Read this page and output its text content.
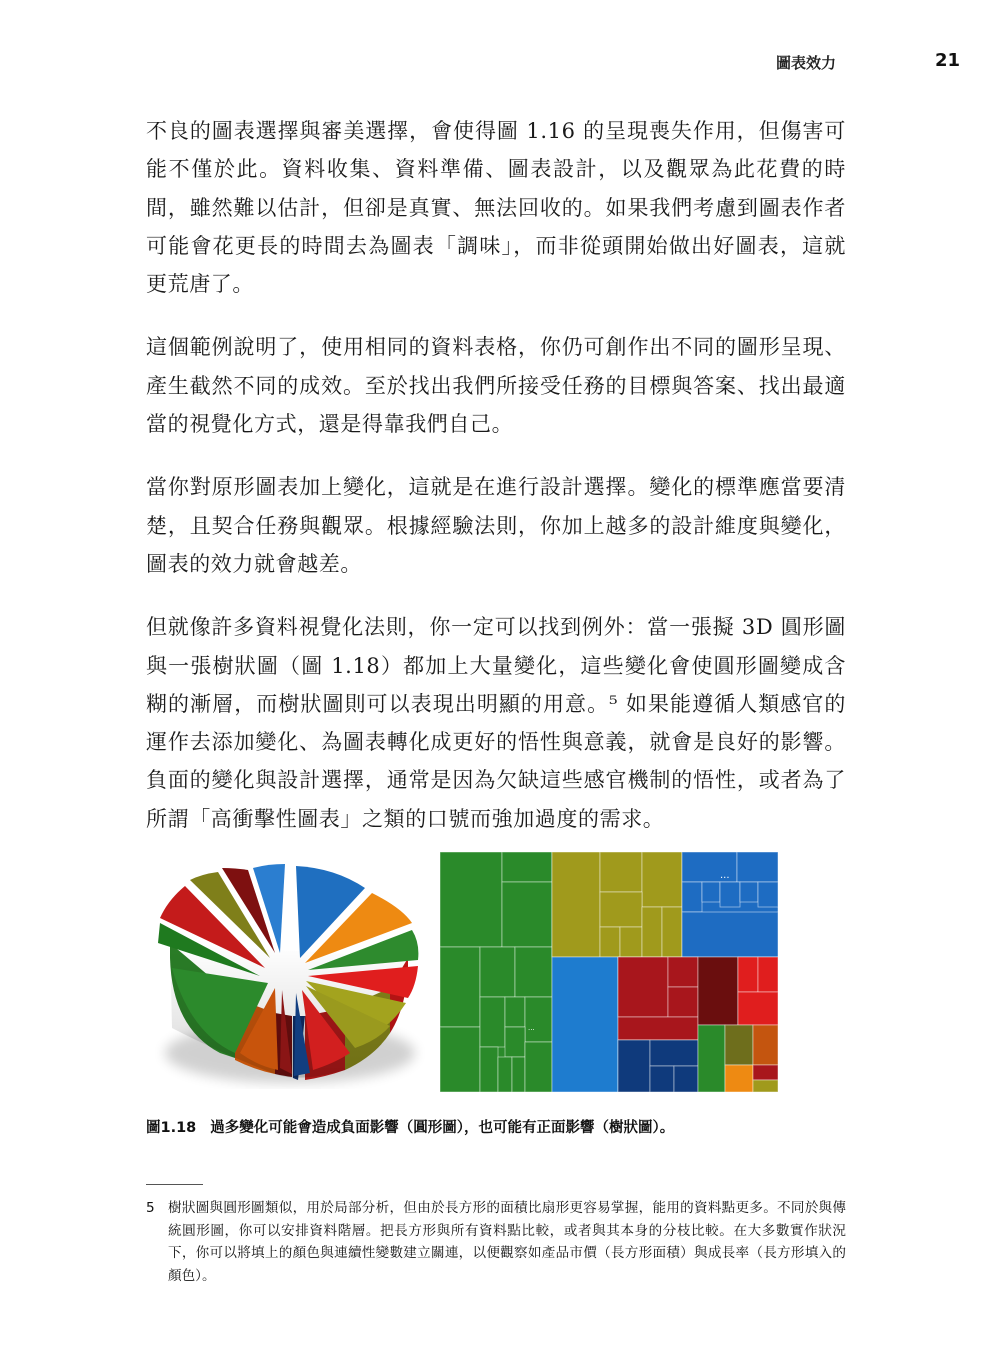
圖表效力	21

不良的圖表選擇與審美選擇，會使得圖 1.16 的呈現喪失作用，但傷害可能不僅於此。資料收集、資料準備、圖表設計，以及觀眾為此花費的時間，雖然難以估計，但卻是真實、無法回收的。如果我們考慮到圖表作者可能會花更長的時間去為圖表「調味」，而非從頭開始做出好圖表，這就更荒唐了。

這個範例說明了，使用相同的資料表格，你仍可創作出不同的圖形呈現、產生截然不同的成效。至於找出我們所接受任務的目標與答案、找出最適當的視覺化方式，還是得靠我們自己。

當你對原形圖表加上變化，這就是在進行設計選擇。變化的標準應當要清楚，且契合任務與觀眾。根據經驗法則，你加上越多的設計維度與變化，圖表的效力就會越差。

但就像許多資料視覺化法則，你一定可以找到例外：當一張擬 3D 圓形圖與一張樹狀圖（圖 1.18）都加上大量變化，這些變化會使圓形圖變成含糊的漸層，而樹狀圖則可以表現出明顯的用意。⁵ 如果能遵循人類感官的運作去添加變化、為圖表轉化成更好的悟性與意義，就會是良好的影響。負面的變化與設計選擇，通常是因為欠缺這些感官機制的悟性，或者為了所謂「高衝擊性圖表」之類的口號而強加過度的需求。

...
...
圖1.18 過多變化可能會造成負面影響（圓形圖），也可能有正面影響（樹狀圖）。
5 樹狀圖與圓形圖類似，用於局部分析，但由於長方形的面積比扇形更容易掌握，能用的資料點更多。不同於與傳統圓形圖，你可以安排資料階層。把長方形與所有資料點比較，或者與其本身的分枝比較。在大多數實作狀況下，你可以將填上的顏色與連續性變數建立關連，以便觀察如產品市價（長方形面積）與成長率（長方形填入的顏色）。
